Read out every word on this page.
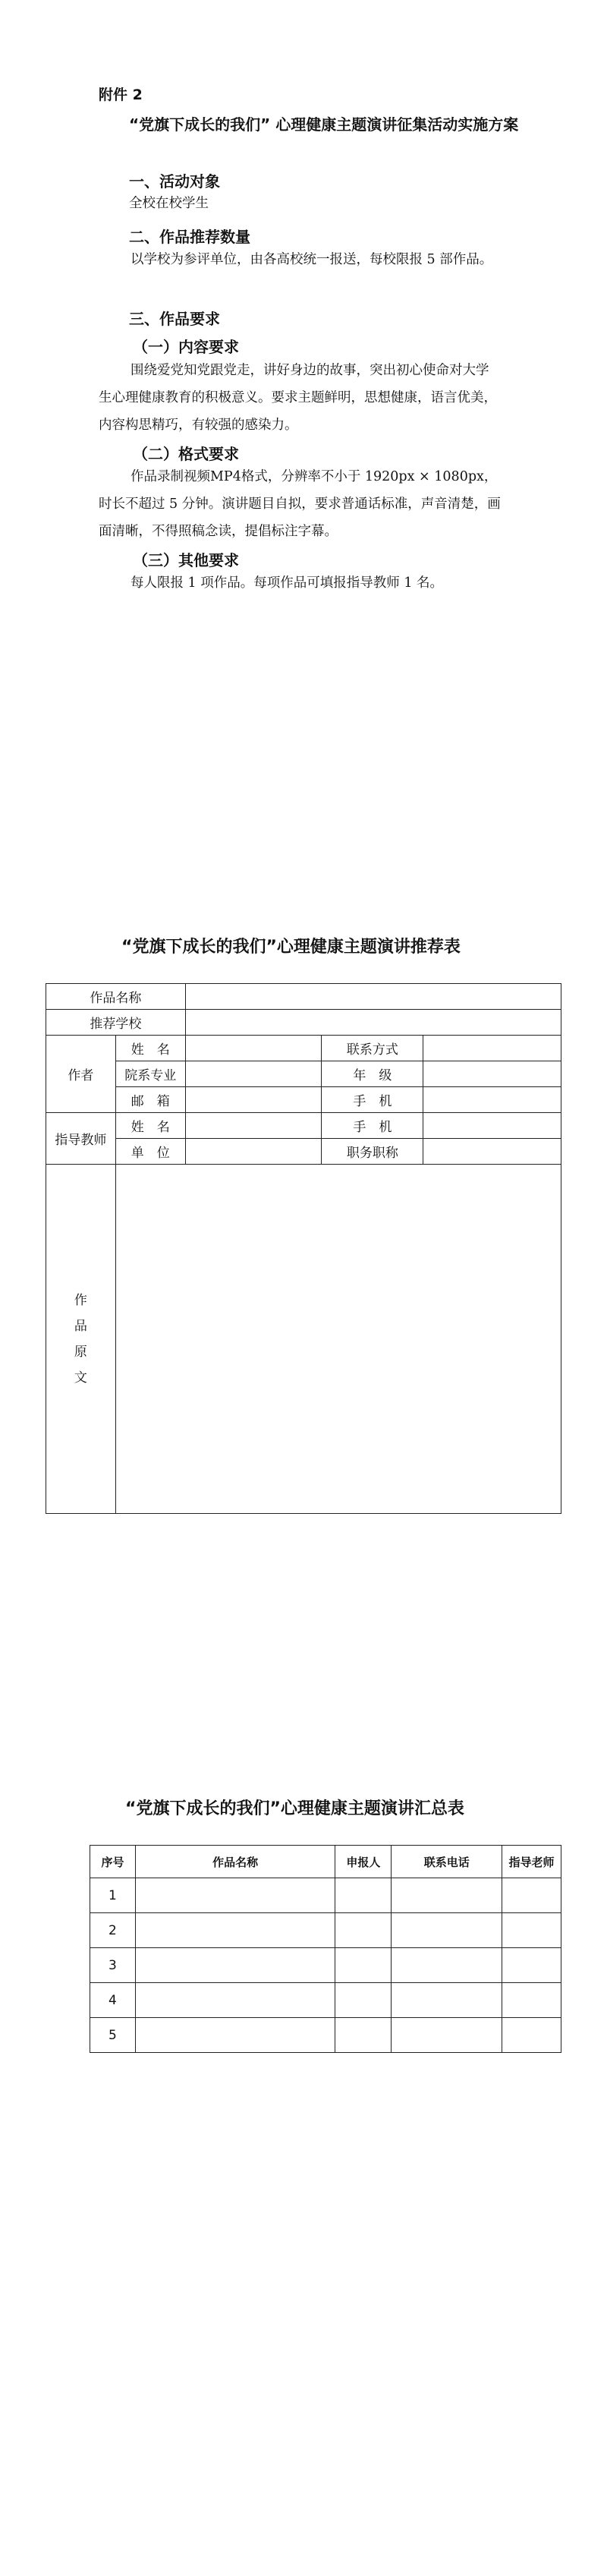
附件 2
“党旗下成长的我们” 心理健康主题演讲征集活动实施方案
一、活动对象
全校在校学生
二、作品推荐数量
以学校为参评单位，由各高校统一报送，每校限报 5 部作品。
三、作品要求
（一）内容要求
围绕爱党知党跟党走，讲好身边的故事，突出初心使命对大学生心理健康教育的积极意义。要求主题鲜明，思想健康，语言优美，内容构思精巧，有较强的感染力。
（二）格式要求
作品录制视频MP4格式，分辨率不小于 1920px × 1080px，时长不超过 5 分钟。演讲题目自拟，要求普通话标准，声音清楚，画面清晰，不得照稿念读，提倡标注字幕。
（三）其他要求
每人限报 1 项作品。每项作品可填报指导教师 1 名。
“党旗下成长的我们”心理健康主题演讲推荐表
作品名称				
推荐学校				
作者	姓　名		联系方式	
	院系专业		年　级	
	邮　箱		手　机	
指导教师	姓　名		手　机	
	单　位		职务职称	

作
品
原
文				

“党旗下成长的我们”心理健康主题演讲汇总表
序号	作品名称	申报人	联系电话	指导老师
1				
2				
3				
4				
5				
